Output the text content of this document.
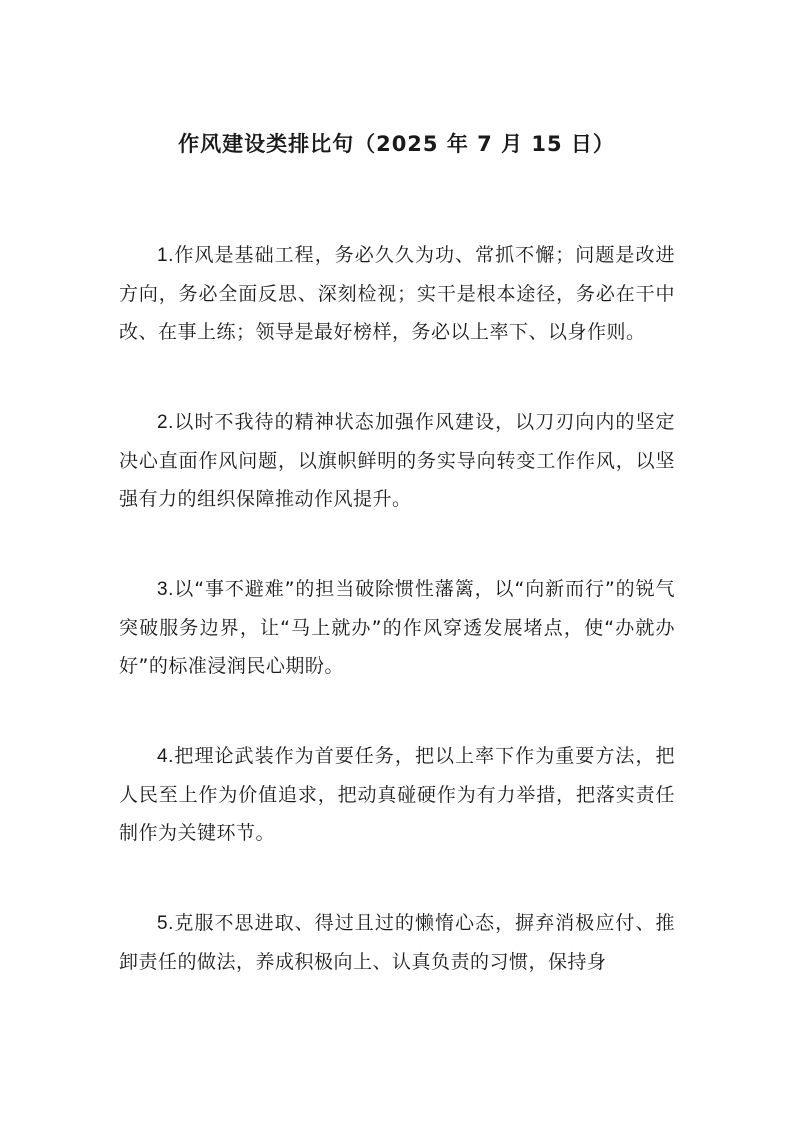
作风建设类排比句（2025 年 7 月 15 日）

1.作风是基础工程，务必久久为功、常抓不懈；问题是改进方向，务必全面反思、深刻检视；实干是根本途径，务必在干中改、在事上练；领导是最好榜样，务必以上率下、以身作则。

2.以时不我待的精神状态加强作风建设，以刀刃向内的坚定决心直面作风问题，以旗帜鲜明的务实导向转变工作作风，以坚强有力的组织保障推动作风提升。

3.以“事不避难”的担当破除惯性藩篱，以“向新而行”的锐气突破服务边界，让“马上就办”的作风穿透发展堵点，使“办就办好”的标准浸润民心期盼。

4.把理论武装作为首要任务，把以上率下作为重要方法，把人民至上作为价值追求，把动真碰硬作为有力举措，把落实责任制作为关键环节。

5.克服不思进取、得过且过的懒惰心态，摒弃消极应付、推卸责任的做法，养成积极向上、认真负责的习惯，保持身
